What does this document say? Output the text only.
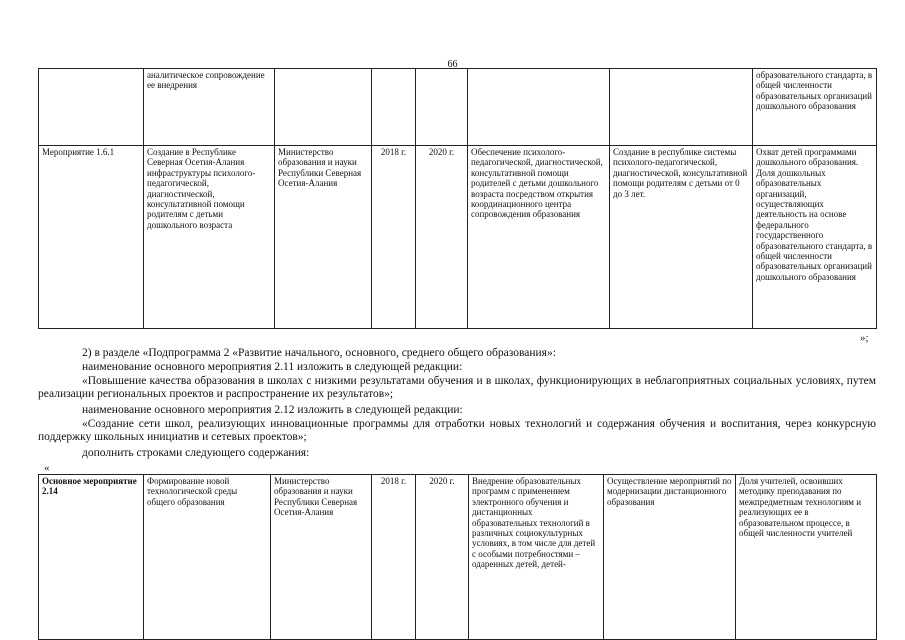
66
	аналитическое сопровождение ее внедрения						образовательного стандарта, в общей численности образовательных организаций дошкольного образования
Мероприятие 1.6.1	Создание в Республике Северная Осетия-Алания инфраструктуры психолого-педагогической, диагностической, консультативной помощи родителям с детьми дошкольного возраста	Министерство образования и науки Республики Северная Осетия-Алания	2018 г.	2020 г.	Обеспечение психолого-педагогической, диагностической, консультативной помощи родителей с детьми дошкольного возраста посредством открытия координационного центра сопровождения образования	Создание в республике системы психолого-педагогической, диагностической, консультативной помощи родителям с детьми от 0 до 3 лет.	Охват детей программами дошкольного образования. Доля дошкольных образовательных организаций, осуществляющих деятельность на основе федерального государственного образовательного стандарта, в общей численности образовательных организаций дошкольного образования
»;
2) в разделе «Подпрограмма 2 «Развитие начального, основного, среднего общего образования»:
наименование основного мероприятия 2.11 изложить в следующей редакции:
«Повышение качества образования в школах с низкими результатами обучения и в школах, функционирующих в неблагоприятных социальных условиях, путем реализации региональных проектов и распространение их результатов»;
наименование основного мероприятия 2.12 изложить в следующей редакции:
«Создание сети школ, реализующих инновационные программы для отработки новых технологий и содержания обучения и воспитания, через конкурсную поддержку школьных инициатив и сетевых проектов»;
дополнить строками следующего содержания:
«
Основное мероприятие 2.14	Формирование новой технологической среды общего образования	Министерство образования и науки Республики Северная Осетия-Алания	2018 г.	2020 г.	Внедрение образовательных программ с применением электронного обучения и дистанционных образовательных технологий в различных социокультурных условиях, в том числе для детей с особыми потребностями – одаренных детей, детей-	Осуществление мероприятий по модернизации дистанционного образования	Доля учителей, освоивших методику преподавания по межпредметным технологиям и реализующих ее в образовательном процессе, в общей численности учителей
